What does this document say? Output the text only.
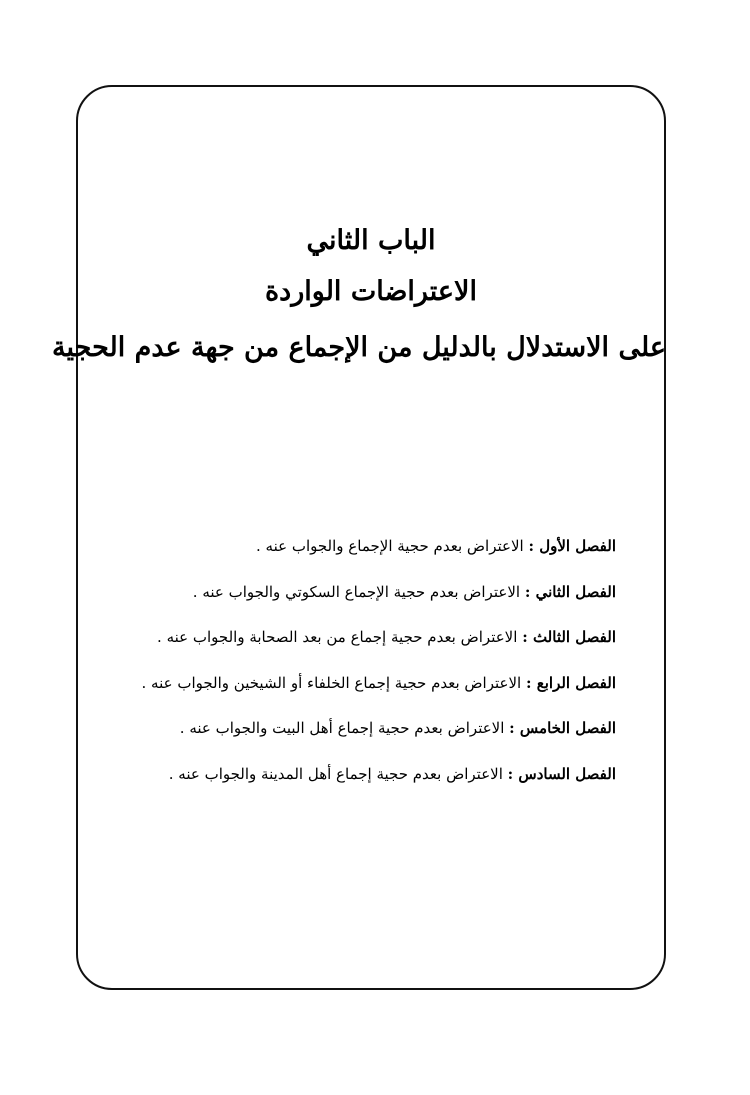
الباب الثاني
الاعتراضات الواردة
على الاستدلال بالدليل من الإجماع من جهة عدم الحجية
الفصل الأول : الاعتراض بعدم حجية الإجماع والجواب عنه .
الفصل الثاني : الاعتراض بعدم حجية الإجماع السكوتي والجواب عنه .
الفصل الثالث : الاعتراض بعدم حجية إجماع من بعد الصحابة والجواب عنه .
الفصل الرابع : الاعتراض بعدم حجية إجماع الخلفاء أو الشيخين والجواب عنه .
الفصل الخامس : الاعتراض بعدم حجية إجماع أهل البيت والجواب عنه .
الفصل السادس : الاعتراض بعدم حجية إجماع أهل المدينة والجواب عنه .
